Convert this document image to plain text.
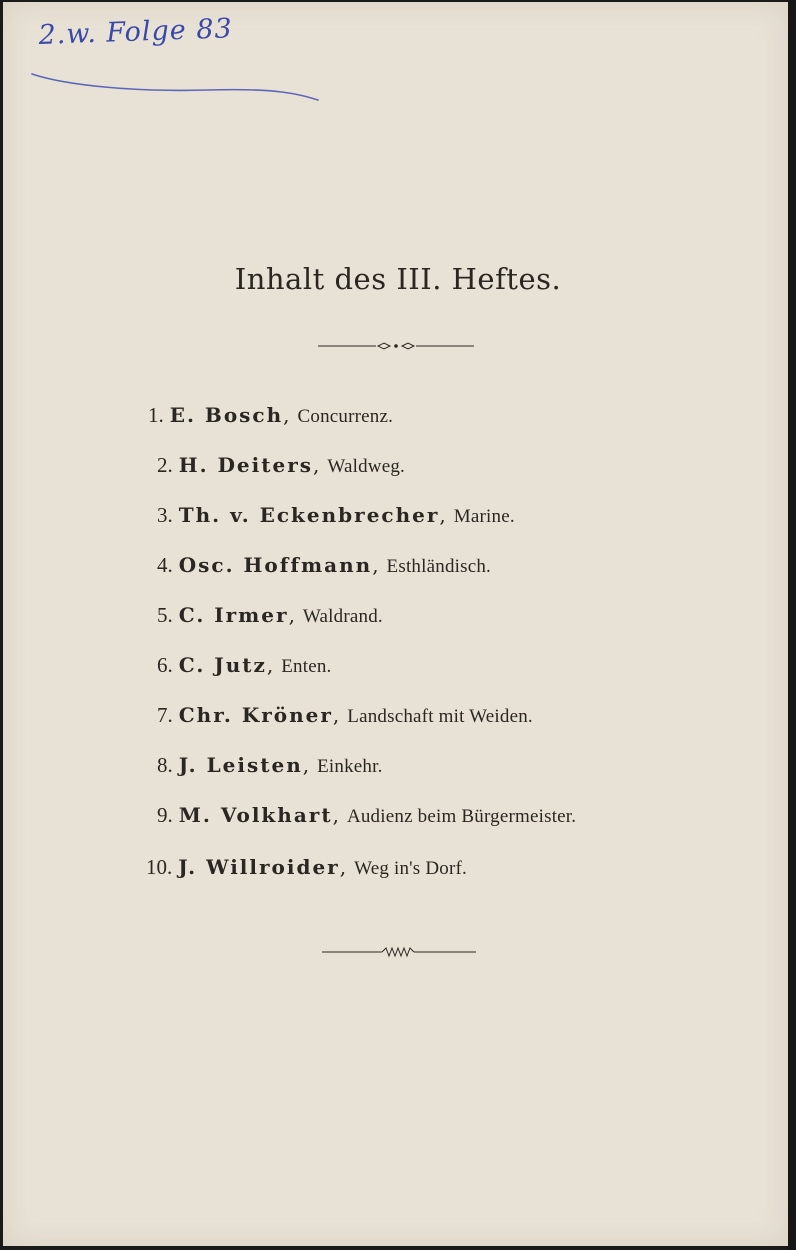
2.w. Folge 83
Inhalt des III. Heftes.
1. E. Bosch, Concurrenz.
2. H. Deiters, Waldweg.
3. Th. v. Eckenbrecher, Marine.
4. Osc. Hoffmann, Esthländisch.
5. C. Irmer, Waldrand.
6. C. Jutz, Enten.
7. Chr. Kröner, Landschaft mit Weiden.
8. J. Leisten, Einkehr.
9. M. Volkhart, Audienz beim Bürgermeister.
10. J. Willroider, Weg in's Dorf.
